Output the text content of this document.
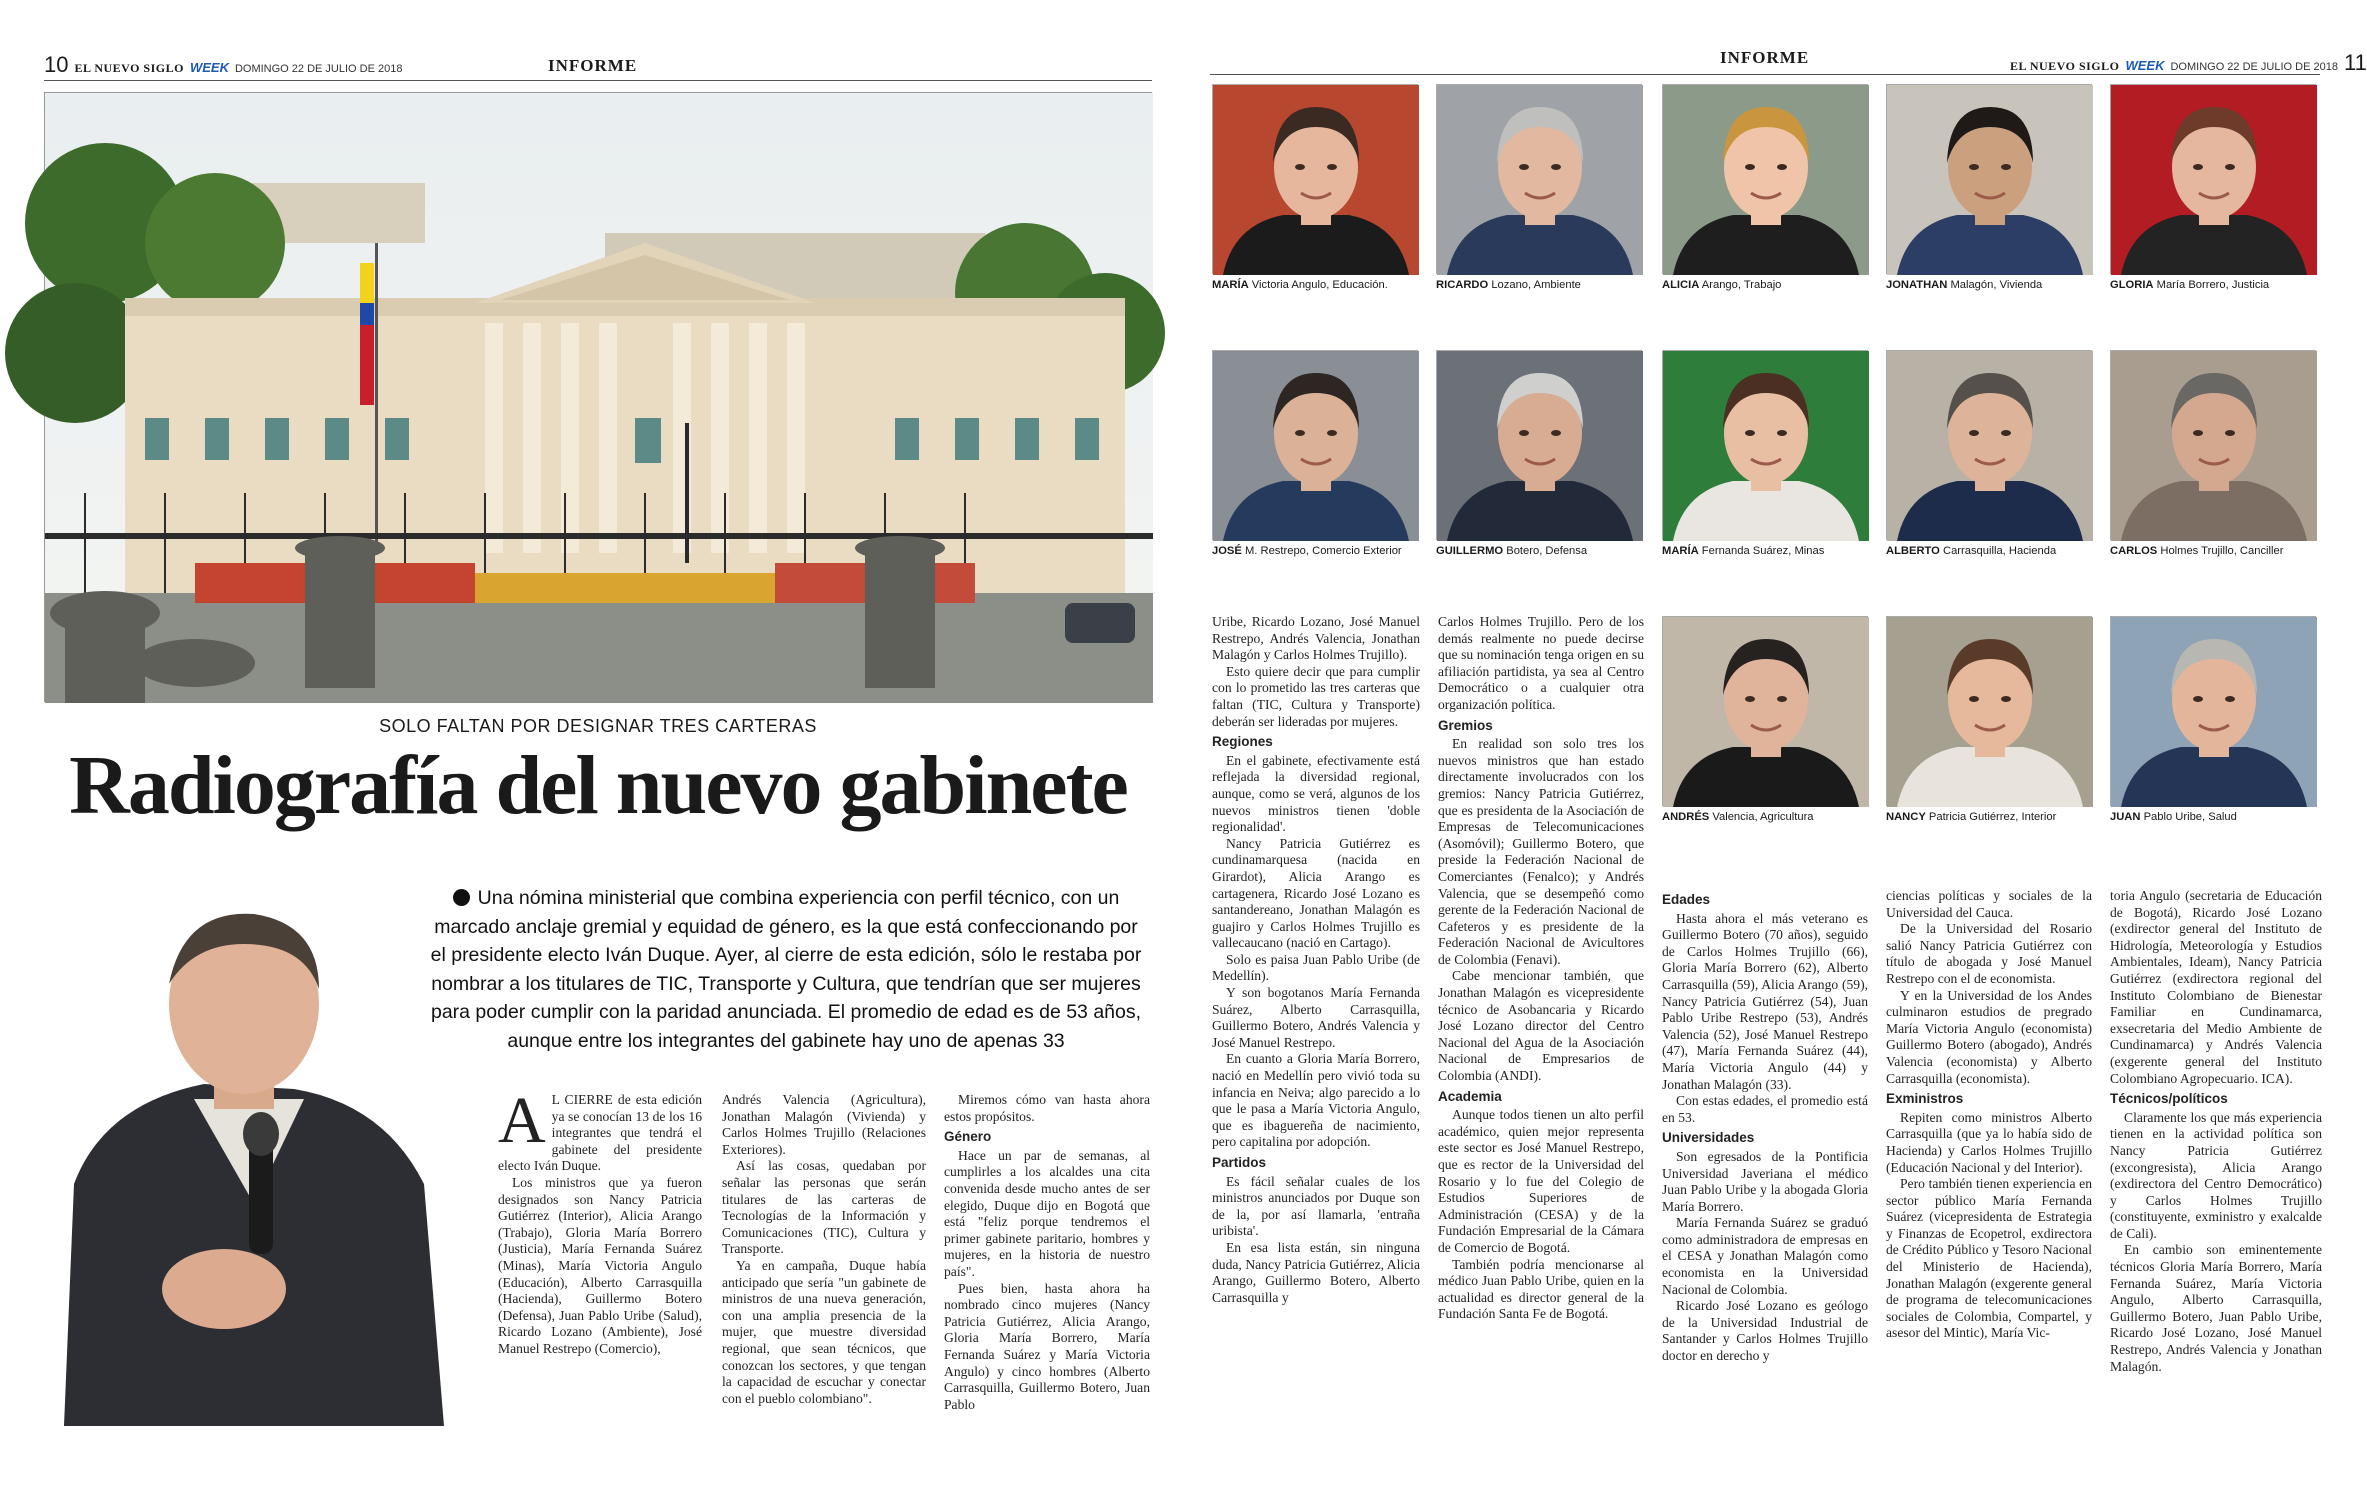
10 EL NUEVO SIGLO WEEK DOMINGO 22 DE JULIO DE 2018	INFORME
SOLO FALTAN POR DESIGNAR TRES CARTERAS
Radiografía del nuevo gabinete
Una nómina ministerial que combina experiencia con perfil técnico, con un marcado anclaje gremial y equidad de género, es la que está confeccionando por el presidente electo Iván Duque. Ayer, al cierre de esta edición, sólo le restaba por nombrar a los titulares de TIC, Transporte y Cultura, que tendrían que ser mujeres para poder cumplir con la paridad anunciada. El promedio de edad es de 53 años, aunque entre los integrantes del gabinete hay uno de apenas 33

A L CIERRE de esta edición ya se conocían 13 de los 16 integrantes que tendrá el gabinete del presidente electo Iván Duque.

Los ministros que ya fueron designados son Nancy Patricia Gutiérrez (Interior), Alicia Arango (Trabajo), Gloria María Borrero (Justicia), María Fernanda Suárez (Minas), María Victoria Angulo (Educación), Alberto Carrasquilla (Hacienda), Guillermo Botero (Defensa), Juan Pablo Uribe (Salud), Ricardo Lozano (Ambiente), José Manuel Restrepo (Comercio),

Andrés Valencia (Agricultura), Jonathan Malagón (Vivienda) y Carlos Holmes Trujillo (Relaciones Exteriores).

Así las cosas, quedaban por señalar las personas que serán titulares de las carteras de Tecnologías de la Información y Comunicaciones (TIC), Cultura y Transporte.

Ya en campaña, Duque había anticipado que sería "un gabinete de ministros de una nueva generación, con una amplia presencia de la mujer, que muestre diversidad regional, que sean técnicos, que conozcan los sectores, y que tengan la capacidad de escuchar y conectar con el pueblo colombiano".

Miremos cómo van hasta ahora estos propósitos.

Género

Hace un par de semanas, al cumplirles a los alcaldes una cita convenida desde mucho antes de ser elegido, Duque dijo en Bogotá que está "feliz porque tendremos el primer gabinete paritario, hombres y mujeres, en la historia de nuestro país".

Pues bien, hasta ahora ha nombrado cinco mujeres (Nancy Patricia Gutiérrez, Alicia Arango, Gloria María Borrero, María Fernanda Suárez y María Victoria Angulo) y cinco hombres (Alberto Carrasquilla, Guillermo Botero, Juan Pablo

INFORME	EL NUEVO SIGLO WEEK DOMINGO 22 DE JULIO DE 2018 11
MARÍA Victoria Angulo, Educación.	RICARDO Lozano, Ambiente	ALICIA Arango, Trabajo	JONATHAN Malagón, Vivienda	GLORIA María Borrero, Justicia
JOSÉ M. Restrepo, Comercio Exterior	GUILLERMO Botero, Defensa	MARÍA Fernanda Suárez, Minas	ALBERTO Carrasquilla, Hacienda	CARLOS Holmes Trujillo, Canciller
ANDRÉS Valencia, Agricultura	NANCY Patricia Gutiérrez, Interior	JUAN Pablo Uribe, Salud

Uribe, Ricardo Lozano, José Manuel Restrepo, Andrés Valencia, Jonathan Malagón y Carlos Holmes Trujillo).

Esto quiere decir que para cumplir con lo prometido las tres carteras que faltan (TIC, Cultura y Transporte) deberán ser lideradas por mujeres.

Regiones

En el gabinete, efectivamente está reflejada la diversidad regional, aunque, como se verá, algunos de los nuevos ministros tienen 'doble regionalidad'.

Nancy Patricia Gutiérrez es cundinamarquesa (nacida en Girardot), Alicia Arango es cartagenera, Ricardo José Lozano es santandereano, Jonathan Malagón es guajiro y Carlos Holmes Trujillo es vallecaucano (nació en Cartago).

Solo es paisa Juan Pablo Uribe (de Medellín).

Y son bogotanos María Fernanda Suárez, Alberto Carrasquilla, Guillermo Botero, Andrés Valencia y José Manuel Restrepo.

En cuanto a Gloria María Borrero, nació en Medellín pero vivió toda su infancia en Neiva; algo parecido a lo que le pasa a María Victoria Angulo, que es ibaguereña de nacimiento, pero capitalina por adopción.

Partidos

Es fácil señalar cuales de los ministros anunciados por Duque son de la, por así llamarla, 'entraña uribista'.

En esa lista están, sin ninguna duda, Nancy Patricia Gutiérrez, Alicia Arango, Guillermo Botero, Alberto Carrasquilla y

Carlos Holmes Trujillo. Pero de los demás realmente no puede decirse que su nominación tenga origen en su afiliación partidista, ya sea al Centro Democrático o a cualquier otra organización política.

Gremios

En realidad son solo tres los nuevos ministros que han estado directamente involucrados con los gremios: Nancy Patricia Gutiérrez, que es presidenta de la Asociación de Empresas de Telecomunicaciones (Asomóvil); Guillermo Botero, que preside la Federación Nacional de Comerciantes (Fenalco); y Andrés Valencia, que se desempeñó como gerente de la Federación Nacional de Cafeteros y es presidente de la Federación Nacional de Avicultores de Colombia (Fenavi).

Cabe mencionar también, que Jonathan Malagón es vicepresidente técnico de Asobancaria y Ricardo José Lozano director del Centro Nacional del Agua de la Asociación Nacional de Empresarios de Colombia (ANDI).

Academia

Aunque todos tienen un alto perfil académico, quien mejor representa este sector es José Manuel Restrepo, que es rector de la Universidad del Rosario y lo fue del Colegio de Estudios Superiores de Administración (CESA) y de la Fundación Empresarial de la Cámara de Comercio de Bogotá.

También podría mencionarse al médico Juan Pablo Uribe, quien en la actualidad es director general de la Fundación Santa Fe de Bogotá.

Edades

Hasta ahora el más veterano es Guillermo Botero (70 años), seguido de Carlos Holmes Trujillo (66), Gloria María Borrero (62), Alberto Carrasquilla (59), Alicia Arango (59), Nancy Patricia Gutiérrez (54), Juan Pablo Uribe Restrepo (53), Andrés Valencia (52), José Manuel Restrepo (47), María Fernanda Suárez (44), María Victoria Angulo (44) y Jonathan Malagón (33).

Con estas edades, el promedio está en 53.

Universidades

Son egresados de la Pontificia Universidad Javeriana el médico Juan Pablo Uribe y la abogada Gloria María Borrero.

María Fernanda Suárez se graduó como administradora de empresas en el CESA y Jonathan Malagón como economista en la Universidad Nacional de Colombia.

Ricardo José Lozano es geólogo de la Universidad Industrial de Santander y Carlos Holmes Trujillo doctor en derecho y

ciencias políticas y sociales de la Universidad del Cauca.

De la Universidad del Rosario salió Nancy Patricia Gutiérrez con título de abogada y José Manuel Restrepo con el de economista.

Y en la Universidad de los Andes culminaron estudios de pregrado María Victoria Angulo (economista) Guillermo Botero (abogado), Andrés Valencia (economista) y Alberto Carrasquilla (economista).

Exministros

Repiten como ministros Alberto Carrasquilla (que ya lo había sido de Hacienda) y Carlos Holmes Trujillo (Educación Nacional y del Interior).

Pero también tienen experiencia en sector público María Fernanda Suárez (vicepresidenta de Estrategia y Finanzas de Ecopetrol, exdirectora de Crédito Público y Tesoro Nacional del Ministerio de Hacienda), Jonathan Malagón (exgerente general de programa de telecomunicaciones sociales de Colombia, Compartel, y asesor del Mintic), María Vic-

toria Angulo (secretaria de Educación de Bogotá), Ricardo José Lozano (exdirector general del Instituto de Hidrología, Meteorología y Estudios Ambientales, Ideam), Nancy Patricia Gutiérrez (exdirectora regional del Instituto Colombiano de Bienestar Familiar en Cundinamarca, exsecretaria del Medio Ambiente de Cundinamarca) y Andrés Valencia (exgerente general del Instituto Colombiano Agropecuario. ICA).

Técnicos/políticos

Claramente los que más experiencia tienen en la actividad política son Nancy Patricia Gutiérrez (excongresista), Alicia Arango (exdirectora del Centro Democrático) y Carlos Holmes Trujillo (constituyente, exministro y exalcalde de Cali).

En cambio son eminentemente técnicos Gloria María Borrero, María Fernanda Suárez, María Victoria Angulo, Alberto Carrasquilla, Guillermo Botero, Juan Pablo Uribe, Ricardo José Lozano, José Manuel Restrepo, Andrés Valencia y Jonathan Malagón.
